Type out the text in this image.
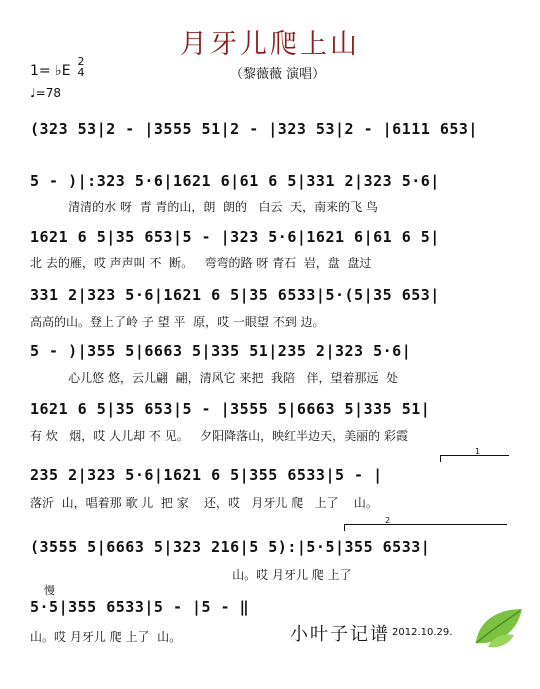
月牙儿爬上山
1= ♭E
2
4	（黎薇薇 演唱）
♩=78
(323 53|2 - |3555 51|2 - |323 53|2 - |6111 653|
5 - )|:323 5·6|1621 6|61 6 5|331 2|323 5·6|
清清的水 呀  青 青的山，朗  朗的   白云  天，南来的飞 鸟
1621 6 5|35 653|5 - |323 5·6|1621 6|61 6 5|
北 去的雁，哎 声声叫 不  断。   弯弯的路 呀 青石  岩，盘  盘过
331 2|323 5·6|1621 6 5|35 6533|5·(5|35 653|
高高的山。登上了岭 子 望 平  原，哎 一眼望 不到 边。
5 - )|355 5|6663 5|335 51|235 2|323 5·6|
心儿悠 悠，云儿翩  翩，清风它 来把  我陪   伴，望着那远  处
1621 6 5|35 653|5 - |3555 5|6663 5|335 51|
有 炊   烟，哎 人儿却 不 见。   夕阳降落山，映红半边天，美丽的 彩霞
1
235 2|323 5·6|1621 6 5|355 6533|5 - |
落沂  山，唱着那 歌 儿  把 家    还，哎   月牙儿 爬   上了    山。
2
(3555 5|6663 5|323 216|5 5):|5·5|355 6533|
山。哎 月牙儿 爬 上了
慢
5·5|355 6533|5 - |5 - ‖
山。哎 月牙儿 爬 上了  山。	小叶子记谱 2012.10.29.
